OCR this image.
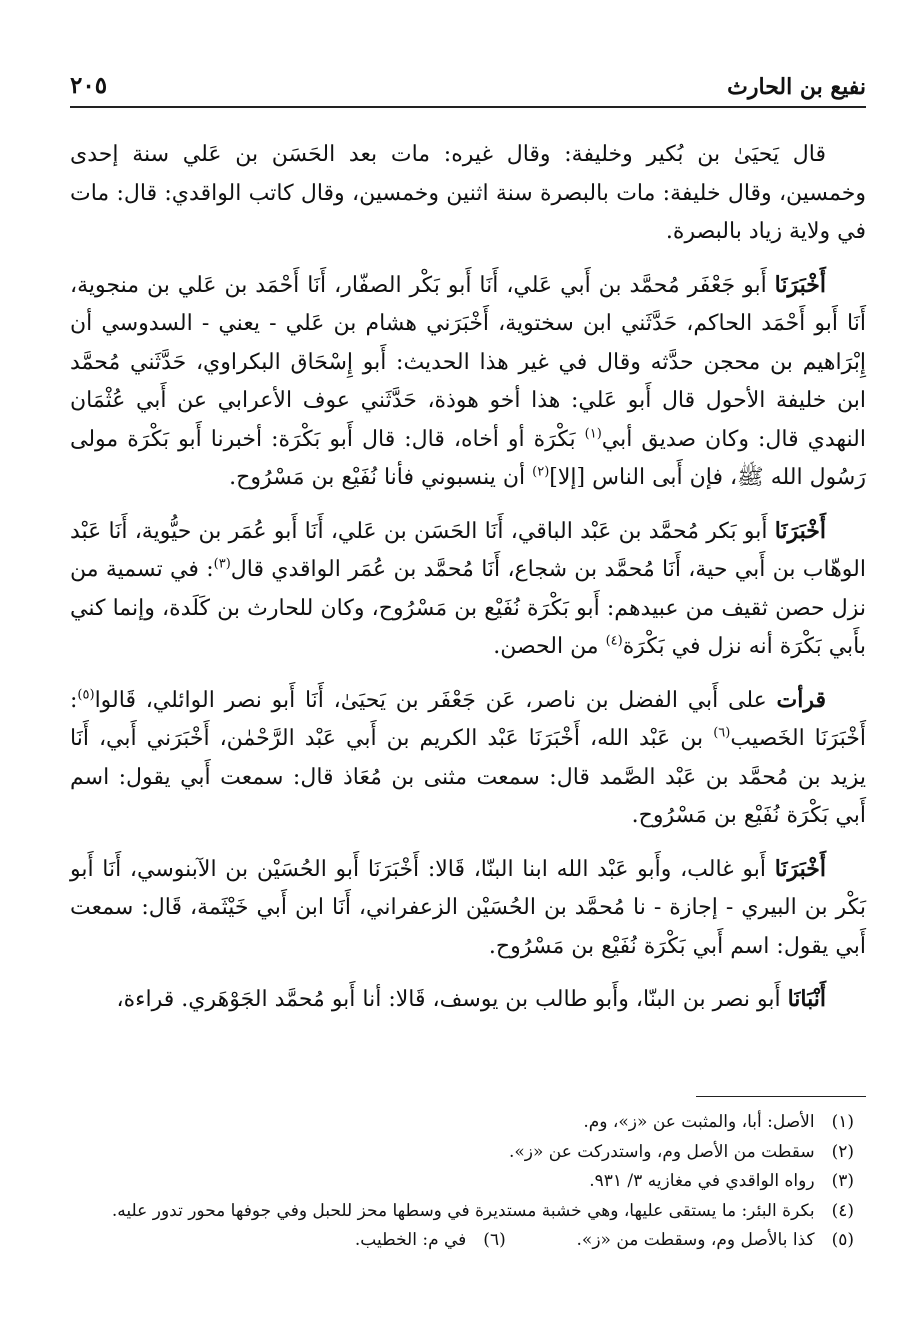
نفيع بن الحارث
٢٠٥

قال يَحيَىٰ بن بُكير وخليفة: وقال غيره: مات بعد الحَسَن بن عَلي سنة إحدى وخمسين، وقال خليفة: مات بالبصرة سنة اثنين وخمسين، وقال كاتب الواقدي: قال: مات في ولاية زياد بالبصرة.

أَخْبَرَنَا أَبو جَعْفَر مُحمَّد بن أَبي عَلي، أَنَا أَبو بَكْر الصفّار، أَنَا أَحْمَد بن عَلي بن منجوية، أَنَا أَبو أَحْمَد الحاكم، حَدَّثَني ابن سختوية، أَخْبَرَني هشام بن عَلي - يعني - السدوسي أن إِبْرَاهيم بن محجن حدَّثه وقال في غير هذا الحديث: أَبو إِسْحَاق البكراوي، حَدَّثَني مُحمَّد ابن خليفة الأحول قال أَبو عَلي: هذا أخو هوذة، حَدَّثَني عوف الأعرابي عن أَبي عُثْمَان النهدي قال: وكان صديق أبي$^{(١)}$ بَكْرَة أو أخاه، قال: قال أَبو بَكْرَة: أخبرنا أَبو بَكْرَة مولى رَسُول الله ﷺ، فإن أَبى الناس [إلا]$^{(٢)}$ أن ينسبوني فأنا نُفَيْع بن مَسْرُوح.

أَخْبَرَنَا أَبو بَكر مُحمَّد بن عَبْد الباقي، أَنَا الحَسَن بن عَلي، أَنَا أَبو عُمَر بن حيُّوية، أَنَا عَبْد الوهّاب بن أَبي حية، أَنَا مُحمَّد بن شجاع، أَنَا مُحمَّد بن عُمَر الواقدي قال$^{(٣)}$: في تسمية من نزل حصن ثقيف من عبيدهم: أَبو بَكْرَة نُفَيْع بن مَسْرُوح، وكان للحارث بن كَلَدة، وإنما كني بأَبي بَكْرَة أنه نزل في بَكْرَة$^{(٤)}$ من الحصن.

قرأت على أَبي الفضل بن ناصر، عَن جَعْفَر بن يَحيَىٰ، أَنَا أَبو نصر الوائلي، قَالوا$^{(٥)}$: أَخْبَرَنَا الخَصيب$^{(٦)}$ بن عَبْد الله، أَخْبَرَنَا عَبْد الكريم بن أَبي عَبْد الرَّحْمٰن، أَخْبَرَني أَبي، أَنَا يزيد بن مُحمَّد بن عَبْد الصَّمد قال: سمعت مثنى بن مُعَاذ قال: سمعت أَبي يقول: اسم أَبي بَكْرَة نُفَيْع بن مَسْرُوح.

أَخْبَرَنَا أَبو غالب، وأَبو عَبْد الله ابنا البنّا، قَالا: أَخْبَرَنَا أَبو الحُسَيْن بن الآبنوسي، أَنَا أَبو بَكْر بن البيري - إجازة - نا مُحمَّد بن الحُسَيْن الزعفراني، أَنَا ابن أَبي خَيْثَمة، قَال: سمعت أَبي يقول: اسم أَبي بَكْرَة نُفَيْع بن مَسْرُوح.

أَنْبَانَا أَبو نصر بن البنّا، وأَبو طالب بن يوسف، قَالا: أنا أَبو مُحمَّد الجَوْهَري. قراءة،

(١) الأصل: أبا، والمثبت عن «ز»، وم.

(٢) سقطت من الأصل وم، واستدركت عن «ز».

(٣) رواه الواقدي في مغازيه ٣/ ٩٣١.

(٤) بكرة البئر: ما يستقى عليها، وهي خشبة مستديرة في وسطها محز للحبل وفي جوفها محور تدور عليه.

(٥) كذا بالأصل وم، وسقطت من «ز».  (٦) في م: الخطيب.
